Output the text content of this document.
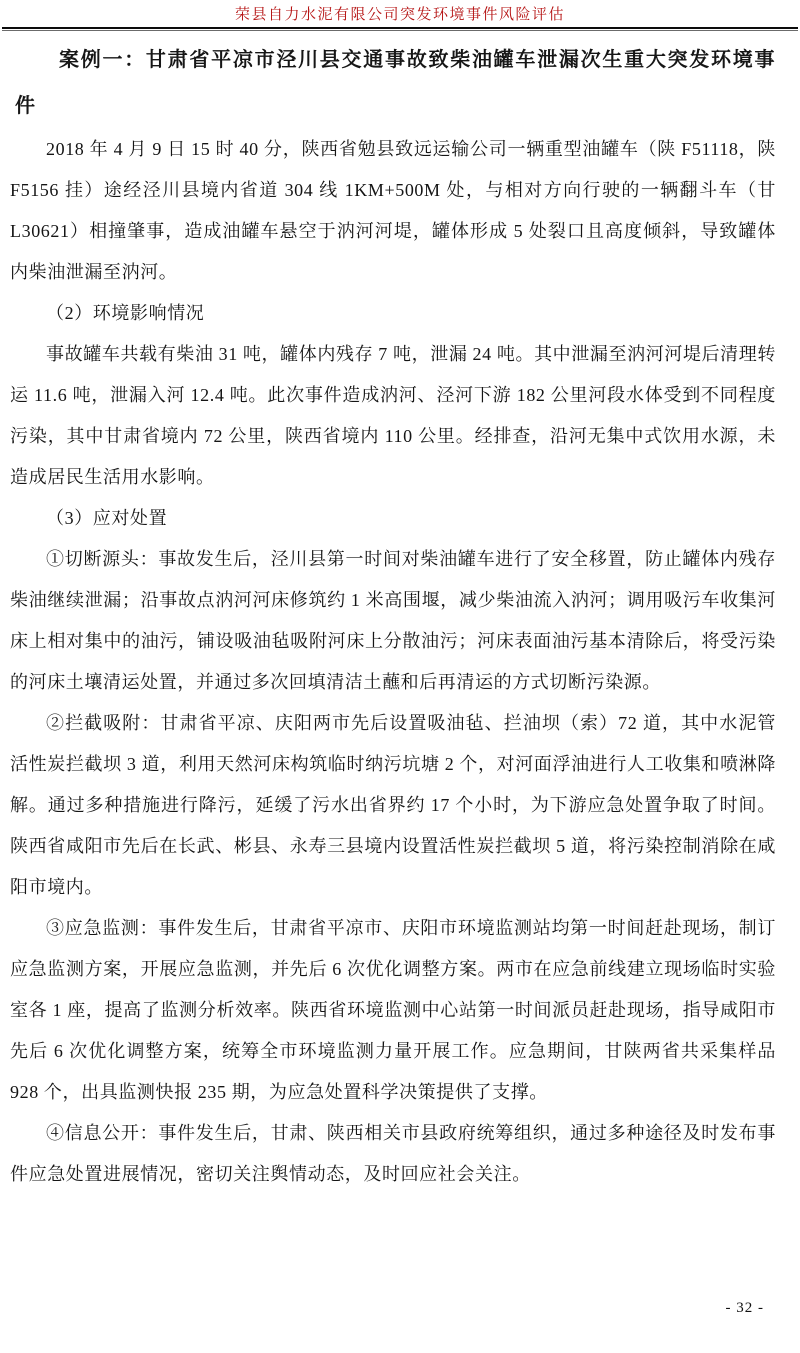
荣县自力水泥有限公司突发环境事件风险评估
案例一：甘肃省平凉市泾川县交通事故致柴油罐车泄漏次生重大突发环境事件

2018 年 4 月 9 日 15 时 40 分，陕西省勉县致远运输公司一辆重型油罐车（陕 F51118，陕 F5156 挂）途经泾川县境内省道 304 线 1KM+500M 处，与相对方向行驶的一辆翻斗车（甘 L30621）相撞肇事，造成油罐车悬空于汭河河堤，罐体形成 5 处裂口且高度倾斜，导致罐体内柴油泄漏至汭河。

（2）环境影响情况

事故罐车共载有柴油 31 吨，罐体内残存 7 吨，泄漏 24 吨。其中泄漏至汭河河堤后清理转运 11.6 吨，泄漏入河 12.4 吨。此次事件造成汭河、泾河下游 182 公里河段水体受到不同程度污染，其中甘肃省境内 72 公里，陕西省境内 110 公里。经排查，沿河无集中式饮用水源，未造成居民生活用水影响。

（3）应对处置

①切断源头：事故发生后，泾川县第一时间对柴油罐车进行了安全移置，防止罐体内残存柴油继续泄漏；沿事故点汭河河床修筑约 1 米高围堰，减少柴油流入汭河；调用吸污车收集河床上相对集中的油污，铺设吸油毡吸附河床上分散油污；河床表面油污基本清除后，将受污染的河床土壤清运处置，并通过多次回填清洁土蘸和后再清运的方式切断污染源。

②拦截吸附：甘肃省平凉、庆阳两市先后设置吸油毡、拦油坝（索）72 道，其中水泥管活性炭拦截坝 3 道，利用天然河床构筑临时纳污坑塘 2 个，对河面浮油进行人工收集和喷淋降解。通过多种措施进行降污，延缓了污水出省界约 17 个小时，为下游应急处置争取了时间。陕西省咸阳市先后在长武、彬县、永寿三县境内设置活性炭拦截坝 5 道，将污染控制消除在咸阳市境内。

③应急监测：事件发生后，甘肃省平凉市、庆阳市环境监测站均第一时间赶赴现场，制订应急监测方案，开展应急监测，并先后 6 次优化调整方案。两市在应急前线建立现场临时实验室各 1 座，提高了监测分析效率。陕西省环境监测中心站第一时间派员赶赴现场，指导咸阳市先后 6 次优化调整方案，统筹全市环境监测力量开展工作。应急期间，甘陕两省共采集样品 928 个，出具监测快报 235 期，为应急处置科学决策提供了支撑。

④信息公开：事件发生后，甘肃、陕西相关市县政府统筹组织，通过多种途径及时发布事件应急处置进展情况，密切关注舆情动态，及时回应社会关注。

- 32 -
